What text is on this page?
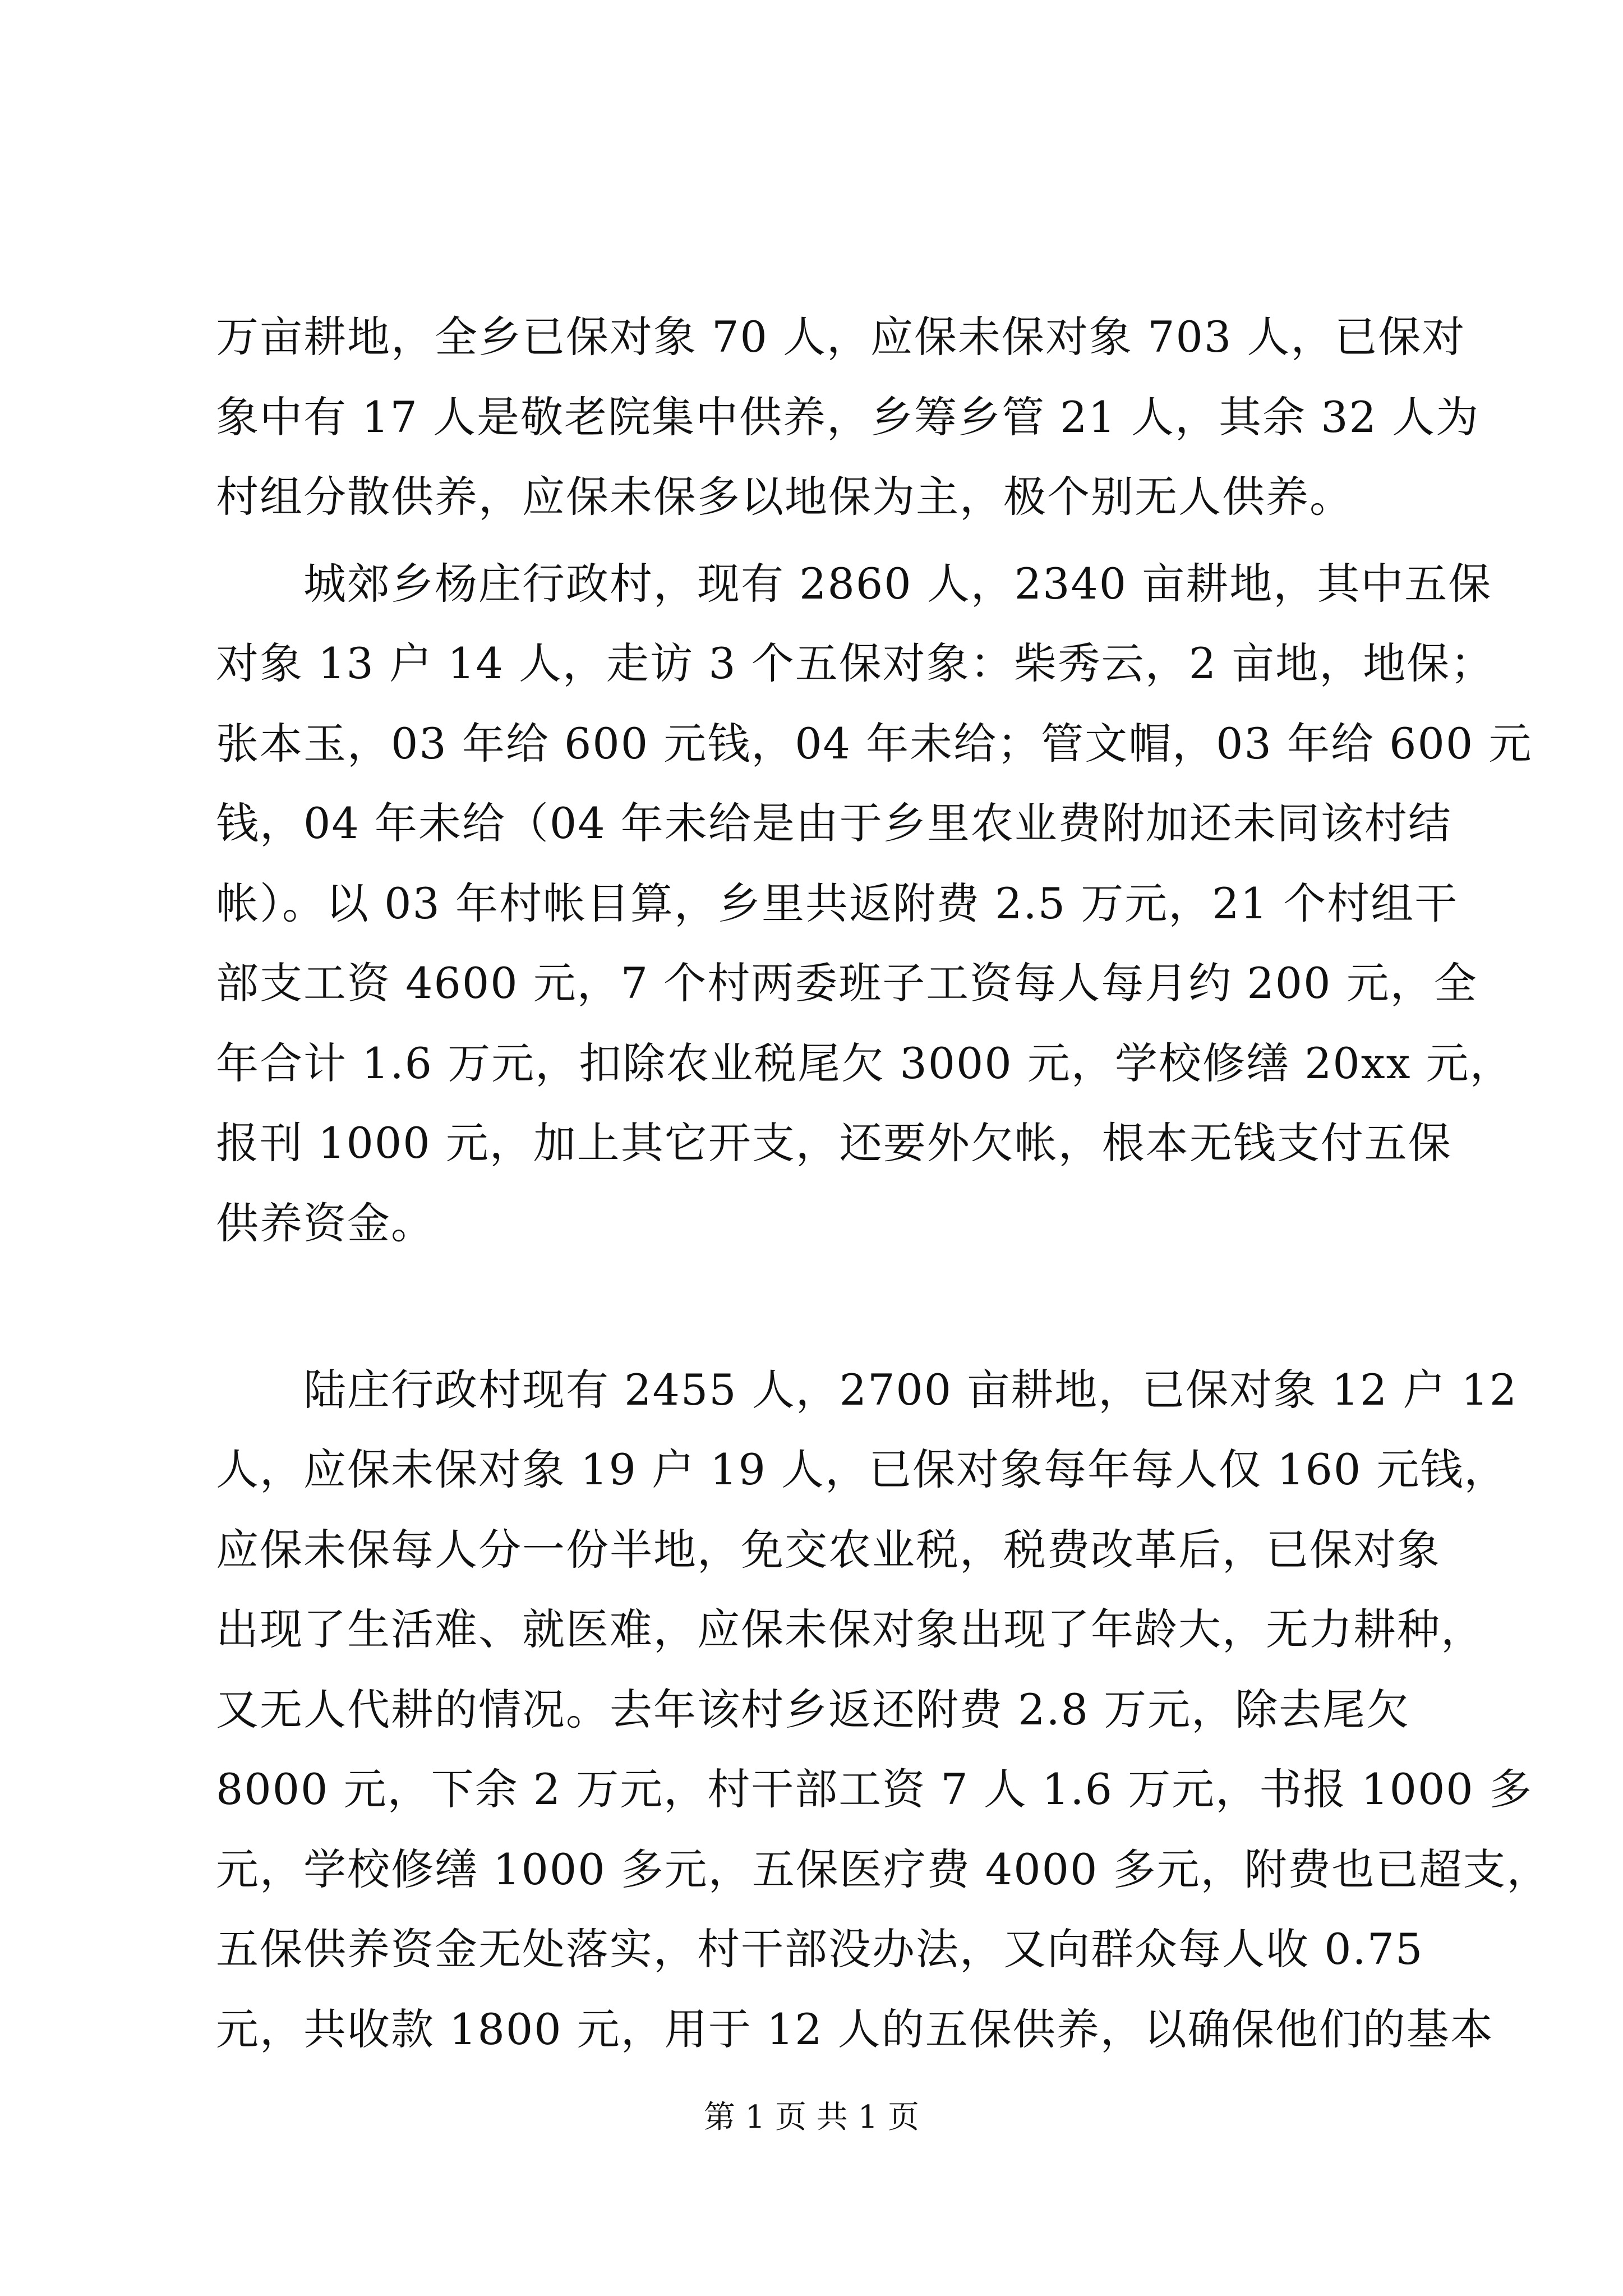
万亩耕地，全乡已保对象 70 人，应保未保对象 703 人，已保对
象中有 17 人是敬老院集中供养，乡筹乡管 21 人，其余 32 人为
村组分散供养，应保未保多以地保为主，极个别无人供养。
　　城郊乡杨庄行政村，现有 2860 人，2340 亩耕地，其中五保
对象 13 户 14 人，走访 3 个五保对象：柴秀云，2 亩地，地保；
张本玉，03 年给 600 元钱，04 年未给；管文帽，03 年给 600 元
钱，04 年未给（04 年未给是由于乡里农业费附加还未同该村结
帐）。以 03 年村帐目算，乡里共返附费 2.5 万元，21 个村组干
部支工资 4600 元，7 个村两委班子工资每人每月约 200 元，全
年合计 1.6 万元，扣除农业税尾欠 3000 元，学校修缮 20xx 元，
报刊 1000 元，加上其它开支，还要外欠帐，根本无钱支付五保
供养资金。
　　陆庄行政村现有 2455 人，2700 亩耕地，已保对象 12 户 12
人，应保未保对象 19 户 19 人，已保对象每年每人仅 160 元钱，
应保未保每人分一份半地，免交农业税，税费改革后，已保对象
出现了生活难、就医难，应保未保对象出现了年龄大，无力耕种，
又无人代耕的情况。去年该村乡返还附费 2.8 万元，除去尾欠
8000 元，下余 2 万元，村干部工资 7 人 1.6 万元，书报 1000 多
元，学校修缮 1000 多元，五保医疗费 4000 多元，附费也已超支，
五保供养资金无处落实，村干部没办法，又向群众每人收 0.75
元，共收款 1800 元，用于 12 人的五保供养，以确保他们的基本
第 1 页 共 1 页
